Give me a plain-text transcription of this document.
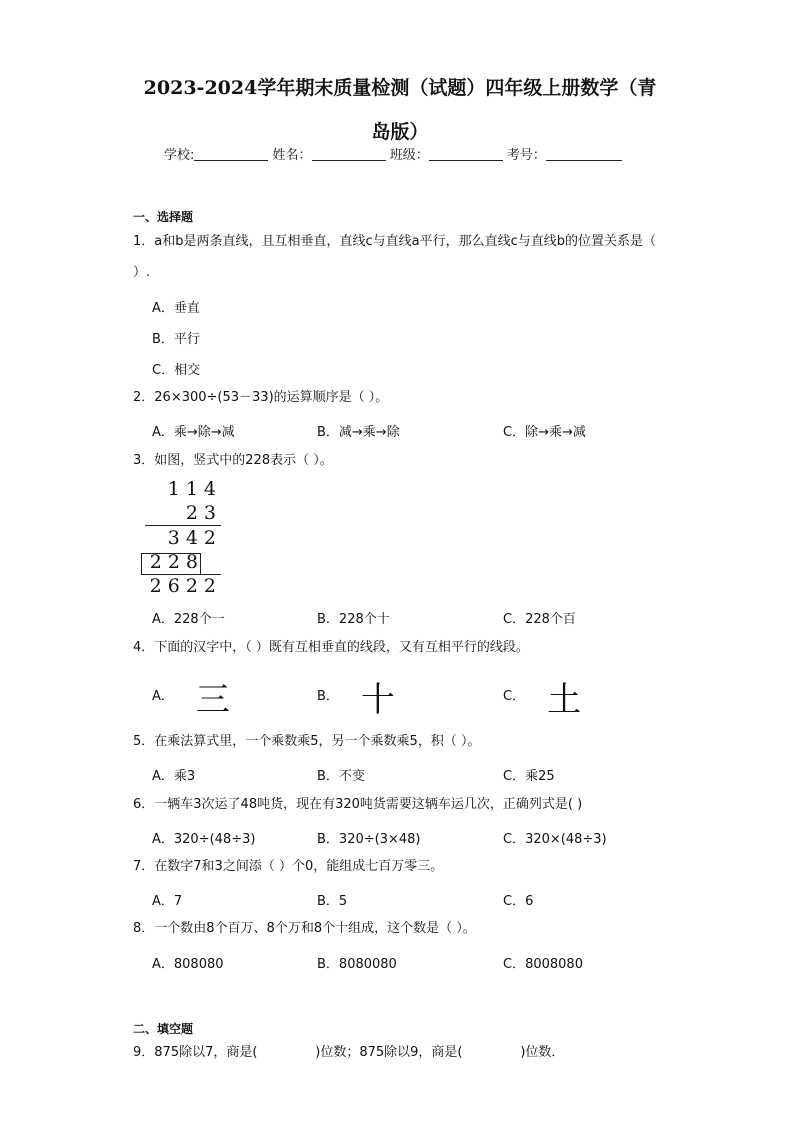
2023-2024学年期末质量检测（试题）四年级上册数学（青
岛版）
学校:	姓名：	班级：	考号：
一、选择题
1．a和b是两条直线，且互相垂直，直线c与直线a平行，那么直线c与直线b的位置关系是（ ）.
A．垂直
B．平行
C．相交
2．26×300÷(53－33)的运算顺序是（ ）。
A．乘→除→减	B．减→乘→除	C．除→乘→减
3．如图，竖式中的228表示（ ）。
114
23
342
228
2622
A．228个一	B．228个十	C．228个百
4．下面的汉字中，（ ）既有互相垂直的线段，又有互相平行的线段。
A． 三	B． 十	C． 土
5．在乘法算式里，一个乘数乘5，另一个乘数乘5，积（ ）。
A．乘3	B．不变	C．乘25
6．一辆车3次运了48吨货，现在有320吨货需要这辆车运几次，正确列式是( )
A．320÷(48÷3)	B．320÷(3×48)	C．320×(48÷3)
7．在数字7和3之间添（ ）个0，能组成七百万零三。
A．7	B．5	C．6
8．一个数由8个百万、8个万和8个十组成，这个数是（ ）。
A．808080	B．8080080	C．8008080
二、填空题
9．875除以7，商是(              )位数；875除以9，商是(              )位数．
